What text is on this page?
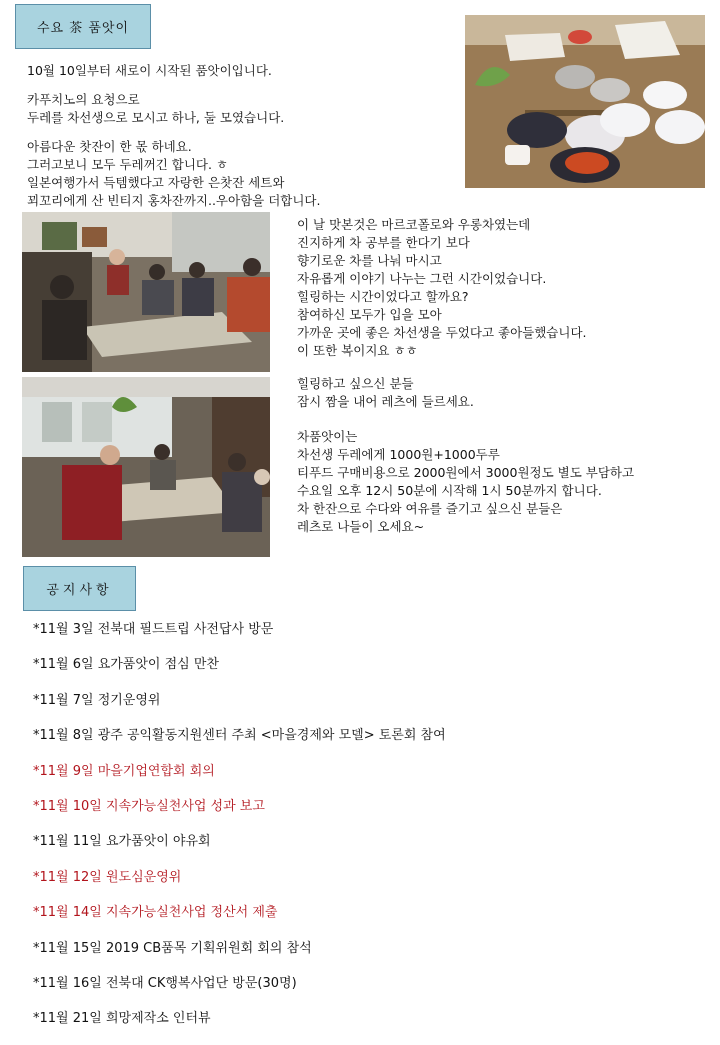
수요 茶 품앗이

10월 10일부터 새로이 시작된 품앗이입니다.

카푸치노의 요청으로
두레를 차선생으로 모시고 하나, 둘 모였습니다.

아름다운 찻잔이 한 몫 하네요.
그러고보니 모두 두레꺼긴 합니다. ㅎ
일본여행가서 득템했다고 자랑한 은찻잔 세트와
꾀꼬리에게 산 빈티지 홍차잔까지..우아함을 더합니다.

이 날 맛본것은 마르코폴로와 우롱차였는데
진지하게 차 공부를 한다기 보다
향기로운 차를 나눠 마시고
자유롭게 이야기 나누는 그런 시간이었습니다.
힐링하는 시간이었다고 할까요?
참여하신 모두가 입을 모아
가까운 곳에 좋은 차선생을 두었다고 좋아들했습니다.
이 또한 복이지요 ㅎㅎ

힐링하고 싶으신 분들
잠시 짬을 내어 레츠에 들르세요.

차품앗이는
차선생 두레에게 1000원+1000두루
티푸드 구매비용으로 2000원에서 3000원정도 별도 부담하고
수요일 오후 12시 50분에 시작해 1시 50분까지 합니다.
차 한잔으로 수다와 여유를 즐기고 싶으신 분들은
레츠로 나들이 오세요~

공지사항
*11월 3일 전북대 필드트립 사전답사 방문
*11월 6일 요가품앗이 점심 만찬
*11월 7일 정기운영위
*11월 8일 광주 공익활동지원센터 주최 <마을경제와 모델> 토론회 참여
*11월 9일 마을기업연합회 회의
*11월 10일 지속가능실천사업 성과 보고
*11월 11일 요가품앗이 야유회
*11월 12일 원도심운영위
*11월 14일 지속가능실천사업 정산서 제출
*11월 15일 2019 CB품목 기획위원회 회의 참석
*11월 16일 전북대 CK행복사업단 방문(30명)
*11월 21일 희망제작소 인터뷰
